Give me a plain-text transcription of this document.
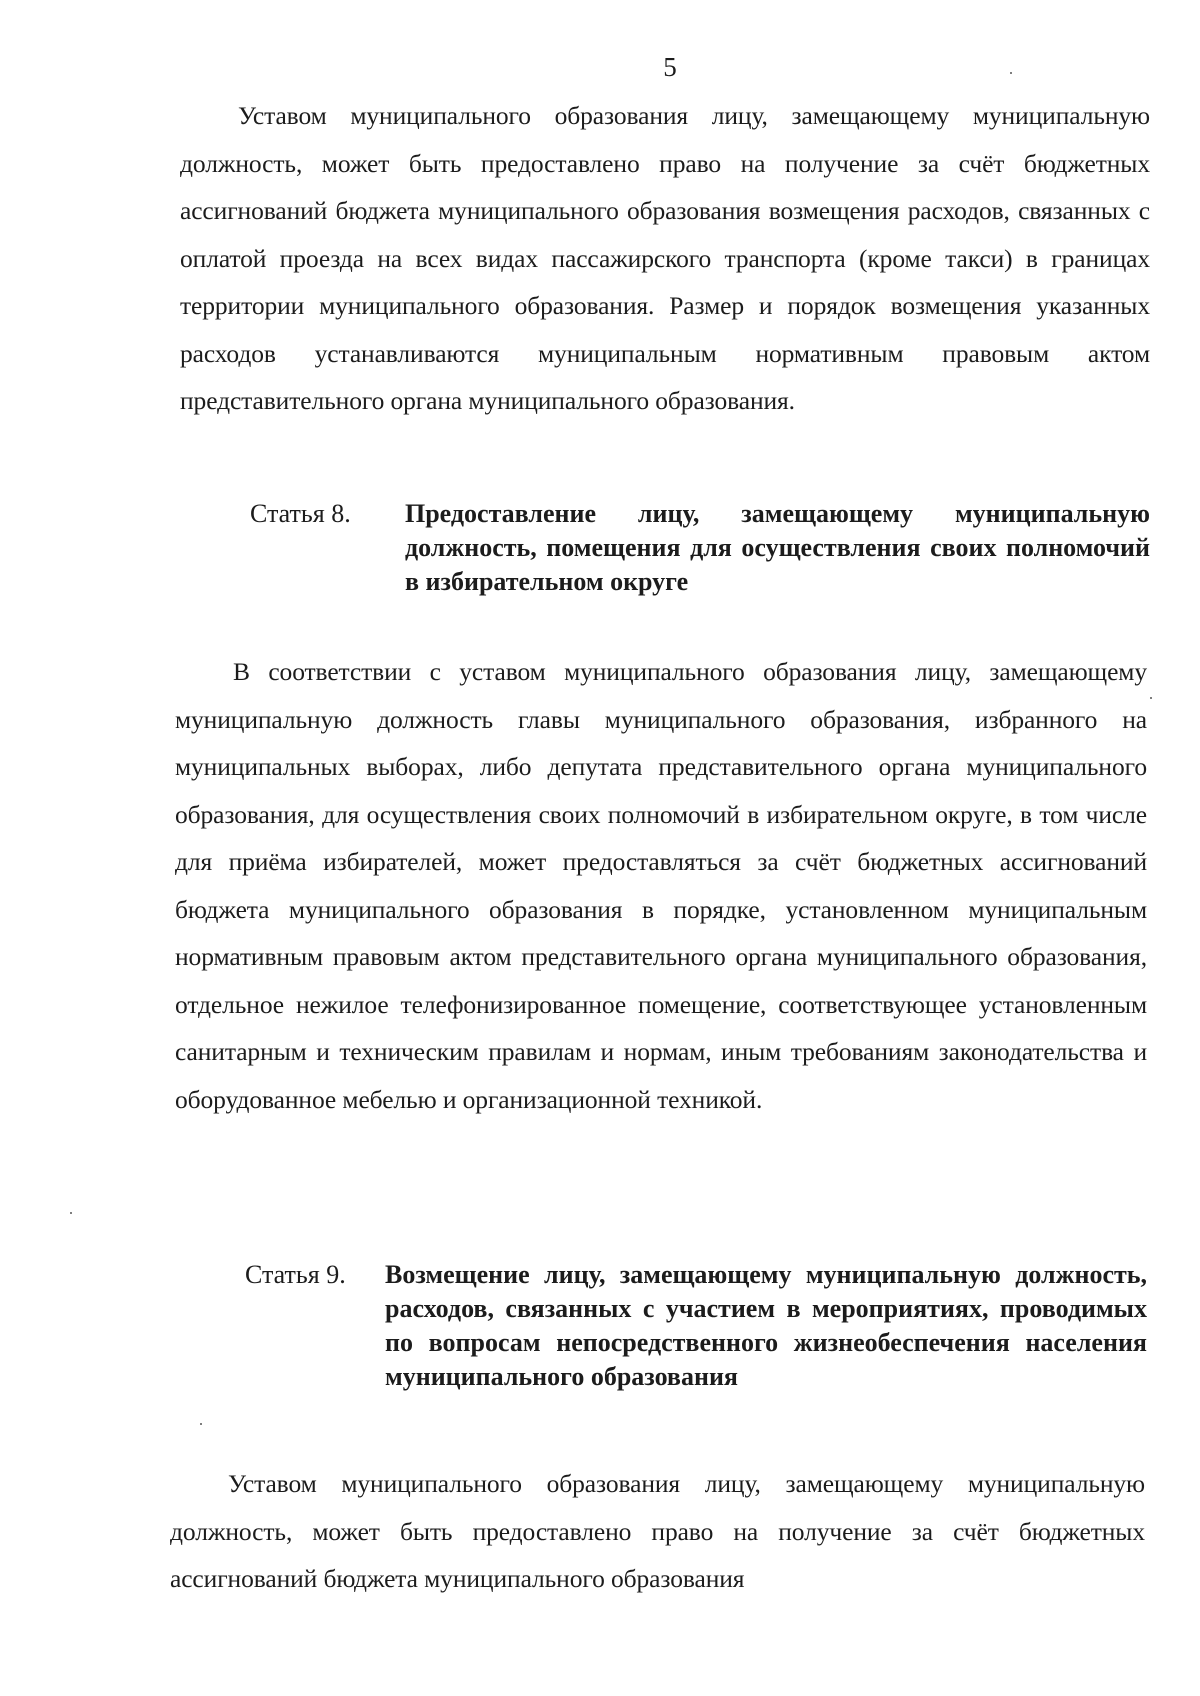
5

Уставом муниципального образования лицу, замещающему муниципальную должность, может быть предоставлено право на получение за счёт бюджетных ассигнований бюджета муниципального образования возмещения расходов, связанных с оплатой проезда на всех видах пассажирского транспорта (кроме такси) в границах территории муниципального образования. Размер и порядок возмещения указанных расходов устанавливаются муниципальным нормативным правовым актом представительного органа муниципального образования.

Статья 8.	Предоставление лицу, замещающему муниципальную должность, помещения для осуществления своих полномочий в избирательном округе

В соответствии с уставом муниципального образования лицу, замещающему муниципальную должность главы муниципального образования, избранного на муниципальных выборах, либо депутата представительного органа муниципального образования, для осуществления своих полномочий в избирательном округе, в том числе для приёма избирателей, может предоставляться за счёт бюджетных ассигнований бюджета муниципального образования в порядке, установленном муниципальным нормативным правовым актом представительного органа муниципального образования, отдельное нежилое телефонизированное помещение, соответствующее установленным санитарным и техническим правилам и нормам, иным требованиям законодательства и оборудованное мебелью и организационной техникой.

Статья 9.	Возмещение лицу, замещающему муниципальную должность, расходов, связанных с участием в мероприятиях, проводимых по вопросам непосредственного жизнеобеспечения населения муниципального образования

Уставом муниципального образования лицу, замещающему муниципальную должность, может быть предоставлено право на получение за счёт бюджетных ассигнований бюджета муниципального образования
